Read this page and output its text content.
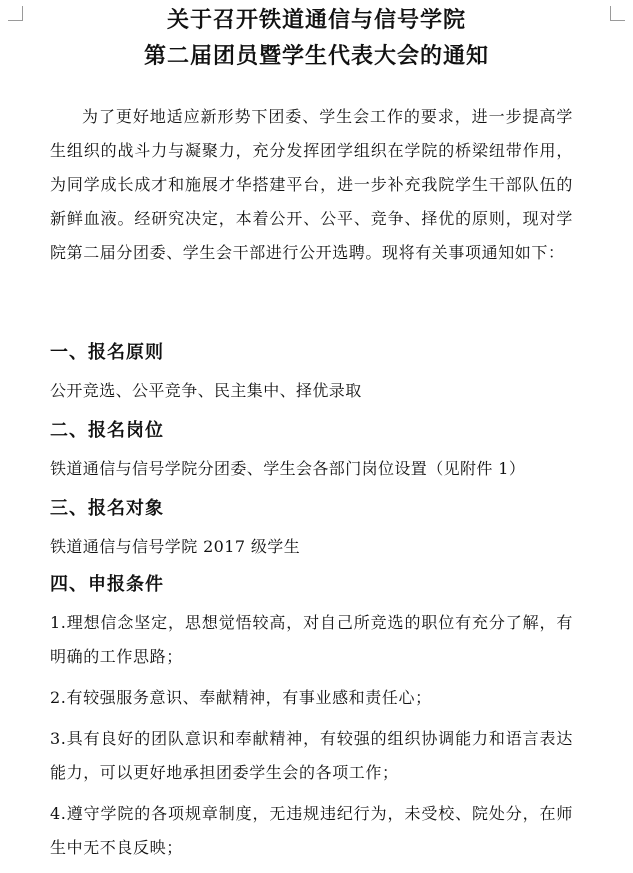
关于召开铁道通信与信号学院
第二届团员暨学生代表大会的通知

为了更好地适应新形势下团委、学生会工作的要求，进一步提高学生组织的战斗力与凝聚力，充分发挥团学组织在学院的桥梁纽带作用，为同学成长成才和施展才华搭建平台，进一步补充我院学生干部队伍的新鲜血液。经研究决定，本着公开、公平、竞争、择优的原则，现对学院第二届分团委、学生会干部进行公开选聘。现将有关事项通知如下：

一、报名原则

公开竞选、公平竞争、民主集中、择优录取

二、报名岗位

铁道通信与信号学院分团委、学生会各部门岗位设置（见附件 1）

三、报名对象

铁道通信与信号学院 2017 级学生

四、申报条件
1.理想信念坚定，思想觉悟较高，对自己所竞选的职位有充分了解，有明确的工作思路；
2.有较强服务意识、奉献精神，有事业感和责任心；
3.具有良好的团队意识和奉献精神，有较强的组织协调能力和语言表达能力，可以更好地承担团委学生会的各项工作；
4.遵守学院的各项规章制度，无违规违纪行为，未受校、院处分，在师生中无不良反映；
